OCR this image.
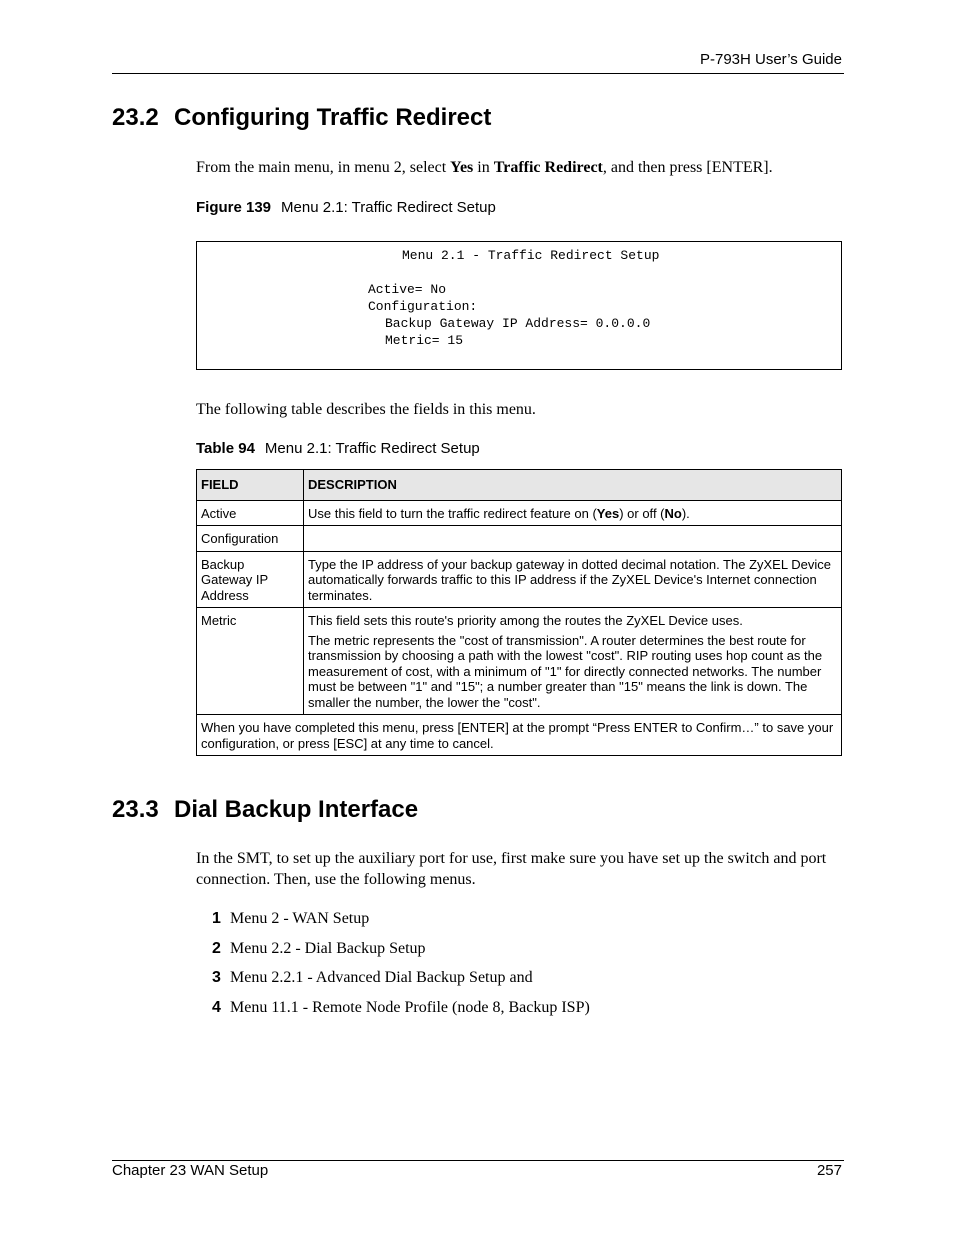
P-793H User’s Guide
23.2 Configuring Traffic Redirect

From the main menu, in menu 2, select Yes in Traffic Redirect, and then press [ENTER].

Figure 139 Menu 2.1: Traffic Redirect Setup
Menu 2.1 - Traffic Redirect Setup
Active= No
Configuration:
Backup Gateway IP Address= 0.0.0.0
Metric= 15

The following table describes the fields in this menu.

Table 94 Menu 2.1: Traffic Redirect Setup
FIELD	DESCRIPTION
Active	Use this field to turn the traffic redirect feature on (Yes) or off (No).
Configuration	
Backup Gateway IP Address	Type the IP address of your backup gateway in dotted decimal notation. The ZyXEL Device automatically forwards traffic to this IP address if the ZyXEL Device's Internet connection terminates.
Metric	This field sets this route's priority among the routes the ZyXEL Device uses.

The metric represents the "cost of transmission". A router determines the best route for transmission by choosing a path with the lowest "cost". RIP routing uses hop count as the measurement of cost, with a minimum of "1" for directly connected networks. The number must be between "1" and "15"; a number greater than "15" means the link is down. The smaller the number, the lower the "cost".

When you have completed this menu, press [ENTER] at the prompt “Press ENTER to Confirm…” to save your configuration, or press [ESC] at any time to cancel.	
23.3 Dial Backup Interface

In the SMT, to set up the auxiliary port for use, first make sure you have set up the switch and port connection. Then, use the following menus.

1 Menu 2 - WAN Setup
2 Menu 2.2 - Dial Backup Setup
3 Menu 2.2.1 - Advanced Dial Backup Setup and
4 Menu 11.1 - Remote Node Profile (node 8, Backup ISP)
Chapter 23 WAN Setup	257
